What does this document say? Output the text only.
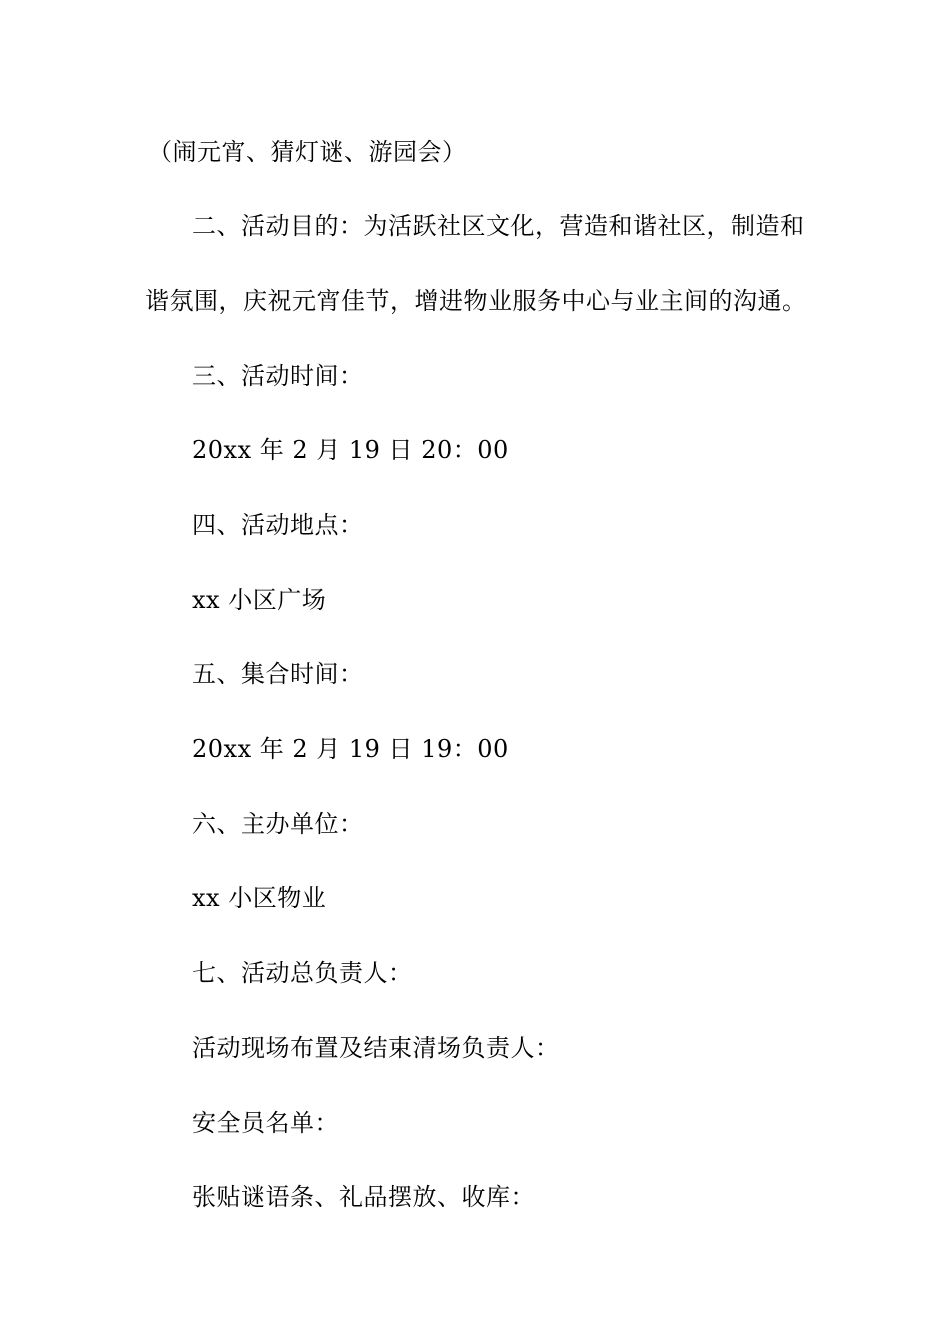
（闹元宵、猜灯谜、游园会）
二、活动目的：为活跃社区文化，营造和谐社区，制造和
谐氛围，庆祝元宵佳节，增进物业服务中心与业主间的沟通。
三、活动时间：
20xx 年 2 月 19 日 20：00
四、活动地点：
xx 小区广场
五、集合时间：
20xx 年 2 月 19 日 19：00
六、主办单位：
xx 小区物业
七、活动总负责人：
活动现场布置及结束清场负责人：
安全员名单：
张贴谜语条、礼品摆放、收库：
